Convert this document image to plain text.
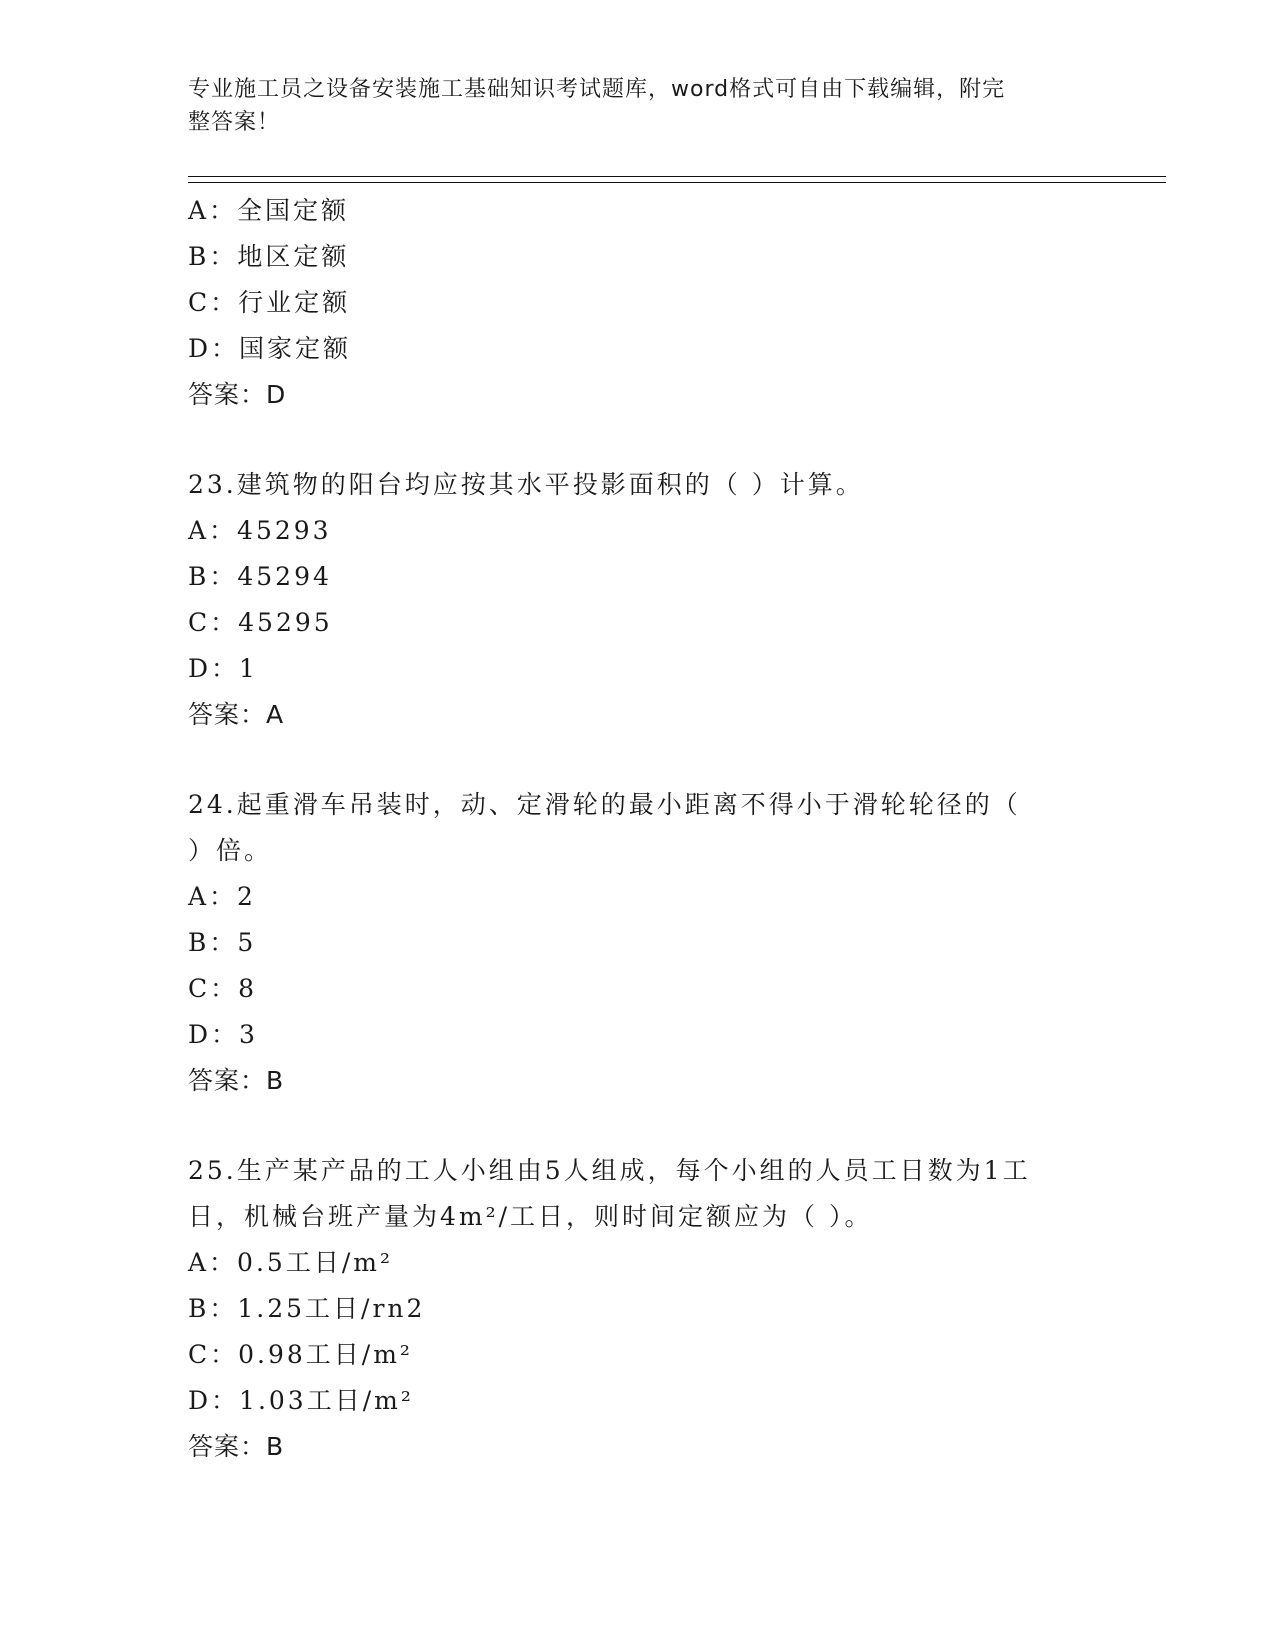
专业施工员之设备安装施工基础知识考试题库，word格式可自由下载编辑，附完
整答案！
A：全国定额
B：地区定额
C：行业定额
D：国家定额
答案：D
23.建筑物的阳台均应按其水平投影面积的（ ）计算。
A：45293
B：45294
C：45295
D：1
答案：A
24.起重滑车吊装时，动、定滑轮的最小距离不得小于滑轮轮径的（
）倍。
A：2
B：5
C：8
D：3
答案：B
25.生产某产品的工人小组由5人组成，每个小组的人员工日数为1工
日，机械台班产量为4m²/工日，则时间定额应为（ ）。
A：0.5工日/m²
B：1.25工日/rn2
C：0.98工日/m²
D：1.03工日/m²
答案：B
